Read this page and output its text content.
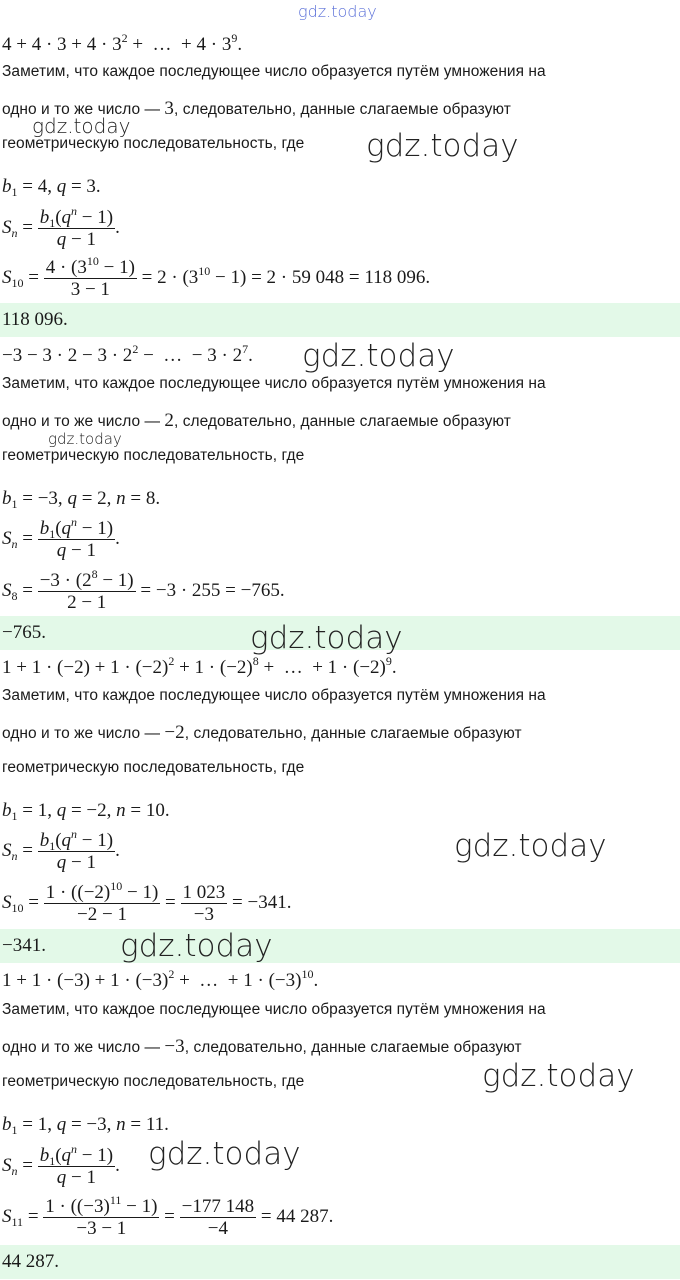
gdz.today
$4 + 4 \cdot 3 + 4 \cdot 3^2$ +  …  + $4 \cdot 3^9$.
Заметим, что каждое последующее число образуется путём умножения на
одно и то же число — 3, следовательно, данные слагаемые образуют
gdz.today
геометрическую последовательность, где gdz.today
$b_1 = 4$, q = 3.
$S_n = \frac{b_1(q^n - 1)}{q - 1}$ .
$S_{10} = \frac{4 \cdot (3^{10} - 1)}{3 - 1} = 2 \cdot (3^{10} - 1) = 2 \cdot 59$ 048 = 118 096.
118 096.
$-3 - 3 \cdot 2 - 3 \cdot 2^2$ −  …  − $3 \cdot 2^7$. gdz.today
Заметим, что каждое последующее число образуется путём умножения на
одно и то же число — 2, следовательно, данные слагаемые образуют
gdz.today
геометрическую последовательность, где
$b_1 = -3$, q = 2, n = 8.
$S_n = \frac{b_1(q^n - 1)}{q - 1}$ .
$S_8 = \frac{-3 \cdot (2^8 - 1)}{2 - 1} = -3 \cdot 255 = -765$.
−765.	gdz.today
$1 + 1 \cdot (-2) + 1 \cdot (-2)^2 + 1 \cdot (-2)^8$ +  …  + $1 \cdot (-2)^9$.
Заметим, что каждое последующее число образуется путём умножения на
одно и то же число — −2, следовательно, данные слагаемые образуют
геометрическую последовательность, где
$b_1 = 1$, q = −2, n = 10.
$S_n = \frac{b_1(q^n - 1)}{q - 1}$ .	gdz.today
$S_{10} = \frac{1 \cdot ((-2)^{10} - 1)}{-2 - 1} = \frac{1 023}{-3} = -341$.
−341.	gdz.today
$1 + 1 \cdot (-3) + 1 \cdot (-3)^2$ +  …  + $1 \cdot (-3)^{10}$.
Заметим, что каждое последующее число образуется путём умножения на
одно и то же число — −3, следовательно, данные слагаемые образуют
геометрическую последовательность, где	gdz.today
$b_1 = 1$, q = −3, n = 11.
$S_n = \frac{b_1(q^n - 1)}{q - 1}$ . gdz.today
$S_{11} = \frac{1 \cdot ((-3)^{11} - 1)}{-3 - 1} = \frac{-177 148}{-4} = 44$ 287.
44 287.
